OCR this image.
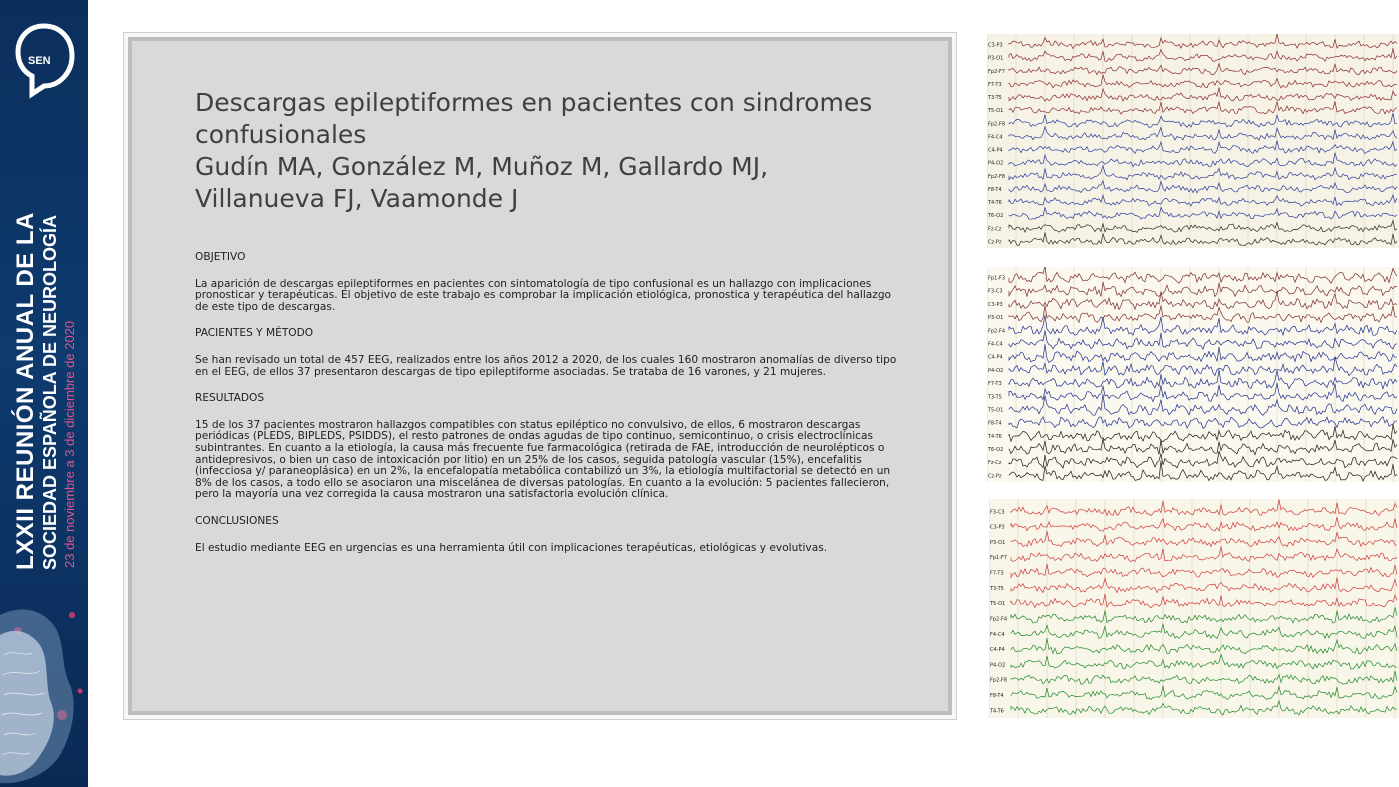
SEN
LXXII REUNIÓN ANUAL DE LA SOCIEDAD ESPAÑOLA DE NEUROLOGÍA 23 de noviembre a 3 de diciembre de 2020
Descargas epileptiformes en pacientes con sindromes
confusionales
Gudín MA, González M, Muñoz M, Gallardo MJ,
Villanueva FJ, Vaamonde J

OBJETIVO

La aparición de descargas epileptiformes en pacientes con sintomatología de tipo confusional es un hallazgo con implicaciones pronosticar y terapéuticas. El objetivo de este trabajo es comprobar la implicación etiológica, pronostica y terapéutica del hallazgo de este tipo de descargas.

PACIENTES Y MÉTODO

Se han revisado un total de 457 EEG, realizados entre los años 2012 a 2020, de los cuales 160 mostraron anomalías de diverso tipo en el EEG, de ellos 37 presentaron descargas de tipo epileptiforme asociadas. Se trataba de 16 varones, y 21 mujeres.

RESULTADOS

15 de los 37 pacientes mostraron hallazgos compatibles con status epiléptico no convulsivo, de ellos, 6 mostraron descargas periódicas (PLEDS, BIPLEDS, PSIDDS), el resto patrones de ondas agudas de tipo continuo, semicontinuo, o crisis electroclínicas subintrantes. En cuanto a la etiología, la causa más frecuente fue farmacológica (retirada de FAE, introducción de neurolépticos o antidepresivos, o bien un caso de intoxicación por litio) en un 25% de los casos, seguida patología vascular (15%), encefalitis (infecciosa y/ paraneoplásica) en un 2%, la encefalopatía metabólica contabilizó un 3%, la etiología multifactorial se detectó en un 8% de los casos, a todo ello se asociaron una miscelánea de diversas patologías. En cuanto a la evolución: 5 pacientes fallecieron, pero la mayoría una vez corregida la causa mostraron una satisfactoria evolución clínica.

CONCLUSIONES

El estudio mediante EEG en urgencias es una herramienta útil con implicaciones terapéuticas, etiológicas y evolutivas.

C3-P3
P3-O1
Fp2-F7
F7-T3
T3-T5
T5-O1
Fp2-F8
F4-C4
C4-P4
P4-O2
Fp2-F8
F8-T4
T4-T6
T6-O2
Fz-Cz
Cz-Pz
Fp1-F3
F3-C3
C3-P3
P3-O1
Fp2-F4
F4-C4
C4-P4
P4-O2
F7-T3
T3-T5
T5-O1
F8-T4
T4-T6
T6-O2
Fz-Cz
Cz-Pz
F3-C3
C3-P3
P3-O1
Fp1-F7
F7-T3
T3-T5
T5-O1
Fp2-F4
F4-C4
C4-P4
P4-O2
Fp2-F8
F8-T4
T4-T6
